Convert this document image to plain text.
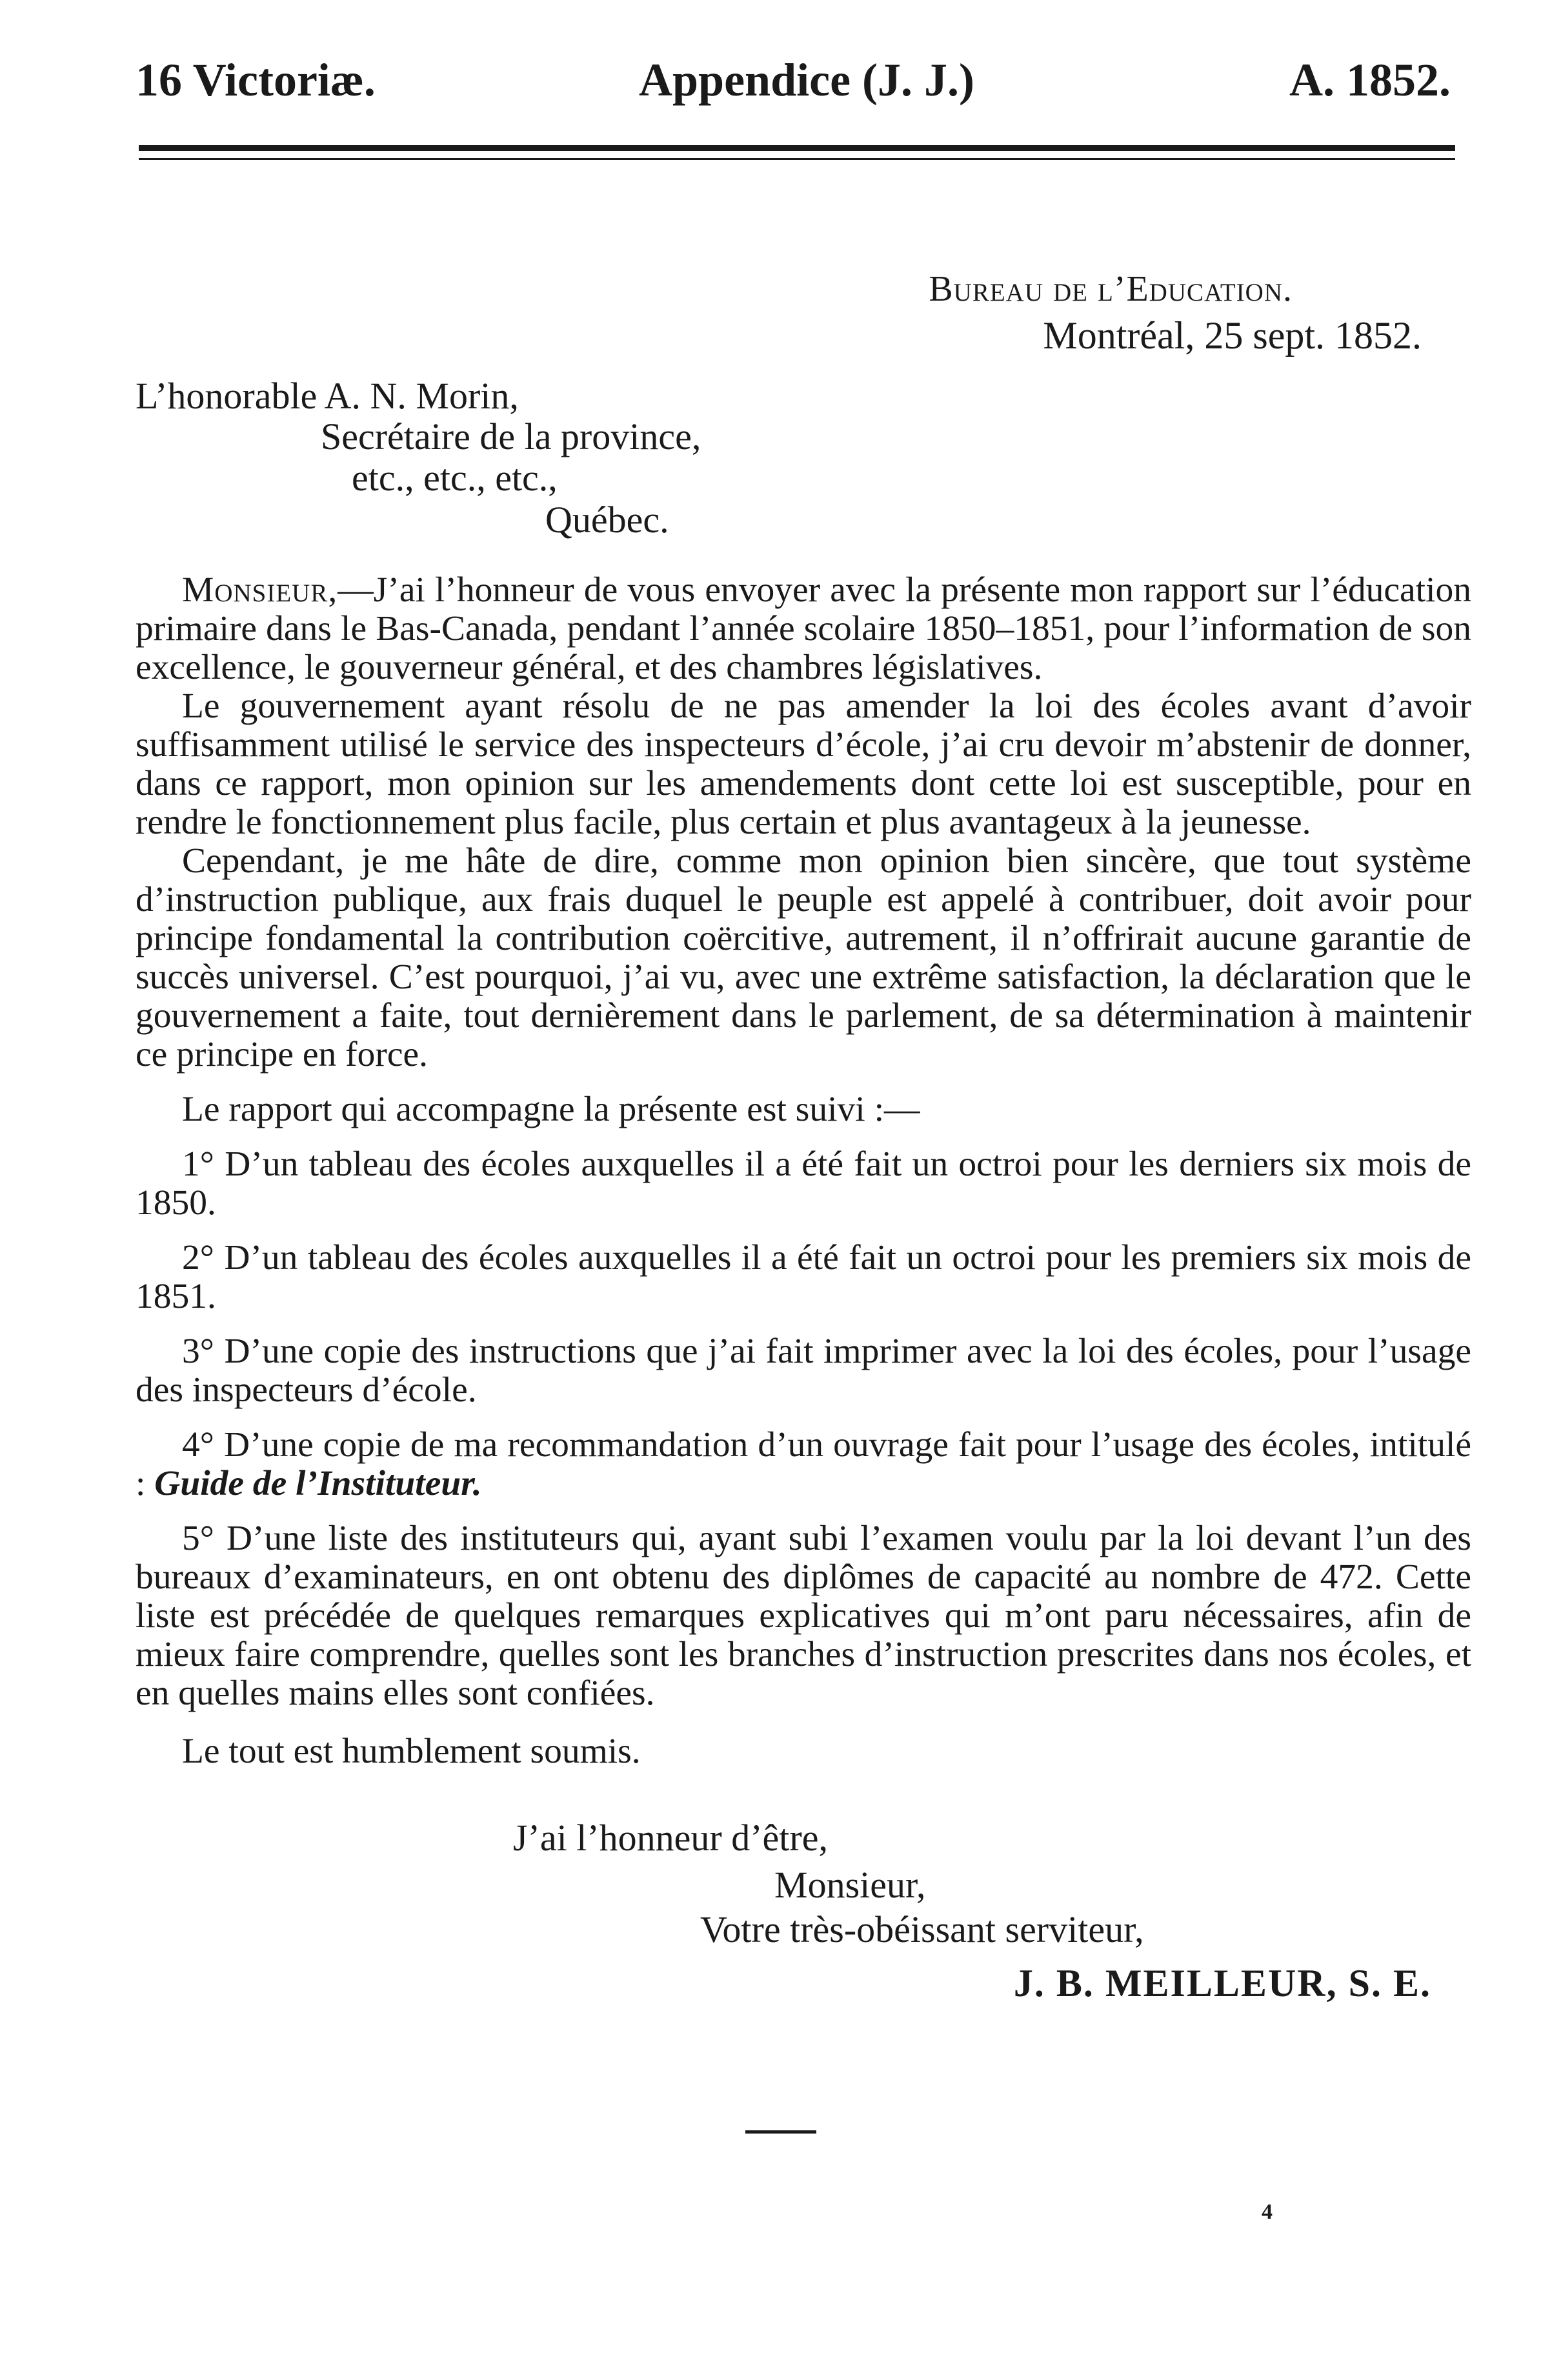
16 Victoriæ.	Appendice (J. J.)	A. 1852.
Bureau de l’Education.
Montréal, 25 sept. 1852.
L’honorable A. N. Morin,
Secrétaire de la province,
etc., etc., etc.,
Québec.

Monsieur,—J’ai l’honneur de vous envoyer avec la présente mon rapport sur l’éducation primaire dans le Bas-Canada, pendant l’année scolaire 1850–1851, pour l’information de son excellence, le gouverneur général, et des chambres législatives.

Le gouvernement ayant résolu de ne pas amender la loi des écoles avant d’avoir suffisamment utilisé le service des inspecteurs d’école, j’ai cru devoir m’abstenir de donner, dans ce rapport, mon opinion sur les amendements dont cette loi est susceptible, pour en rendre le fonctionnement plus facile, plus certain et plus avantageux à la jeunesse.

Cependant, je me hâte de dire, comme mon opinion bien sincère, que tout système d’instruction publique, aux frais duquel le peuple est appelé à contribuer, doit avoir pour principe fondamental la contribution coërcitive, autrement, il n’offrirait aucune garantie de succès universel. C’est pourquoi, j’ai vu, avec une extrême satisfaction, la déclaration que le gouvernement a faite, tout dernièrement dans le parlement, de sa détermination à maintenir ce principe en force.

Le rapport qui accompagne la présente est suivi :—

1° D’un tableau des écoles auxquelles il a été fait un octroi pour les derniers six mois de 1850.

2° D’un tableau des écoles auxquelles il a été fait un octroi pour les premiers six mois de 1851.

3° D’une copie des instructions que j’ai fait imprimer avec la loi des écoles, pour l’usage des inspecteurs d’école.

4° D’une copie de ma recommandation d’un ouvrage fait pour l’usage des écoles, intitulé : Guide de l’Instituteur.

5° D’une liste des instituteurs qui, ayant subi l’examen voulu par la loi devant l’un des bureaux d’examinateurs, en ont obtenu des diplômes de capacité au nombre de 472. Cette liste est précédée de quelques remarques explicatives qui m’ont paru nécessaires, afin de mieux faire comprendre, quelles sont les branches d’instruction prescrites dans nos écoles, et en quelles mains elles sont confiées.

Le tout est humblement soumis.

J’ai l’honneur d’être,
Monsieur,
Votre très-obéissant serviteur,
J. B. MEILLEUR, S. E.
4
